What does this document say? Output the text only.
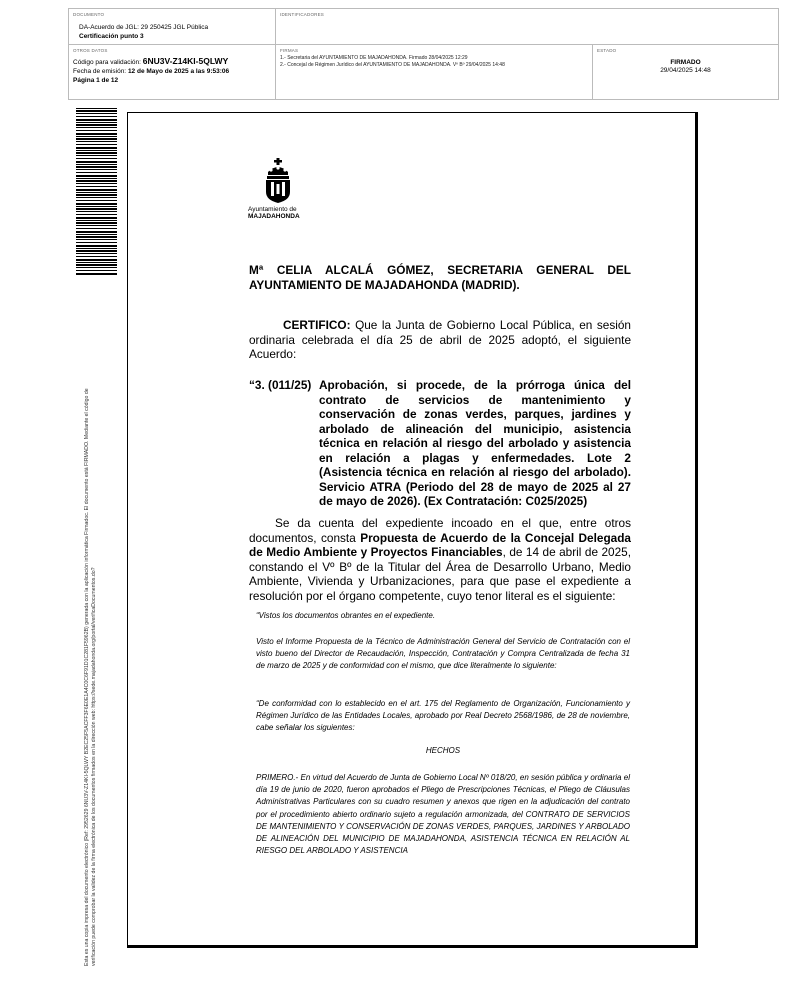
DOCUMENTO
DA-Acuerdo de JGL: 29 250425 JGL Pública
Certificación punto 3
IDENTIFICADORES
OTROS DATOS
Código para validación: 6NU3V-Z14KI-5QLWY
Fecha de emisión: 12 de Mayo de 2025 a las 9:53:06
Página 1 de 12
FIRMAS
1.- Secretaria del AYUNTAMIENTO DE MAJADAHONDA. Firmado 28/04/2025 12:29
2.- Concejal de Régimen Jurídico del AYUNTAMIENTO DE MAJADAHONDA. Vº Bº 29/04/2025 14:48
ESTADO
FIRMADO
29/04/2025 14:48
Esta es una copia impresa del documento electrónico (Ref: 2952629 6NU3V-Z14KI-5QLWY B2EC25F5ACFF3F6E0E1A4C0C6F91D1C281F5962B) generada con la aplicación informática Firmadoc. El documento está FIRMADO. Mediante el código de verificación puede comprobar la validez de la firma electrónica de los documentos firmados en la dirección web: https://sede.majadahonda.org/portal/verificaDocumentos.do?
Ayuntamiento de
MAJADAHONDA
Mª CELIA ALCALÁ GÓMEZ, SECRETARIA GENERAL DEL AYUNTAMIENTO DE MAJADAHONDA (MADRID).
CERTIFICO: Que la Junta de Gobierno Local Pública, en sesión ordinaria celebrada el día 25 de abril de 2025 adoptó, el siguiente Acuerdo:
“3. (011/25) Aprobación, si procede, de la prórroga única del contrato de servicios de mantenimiento y conservación de zonas verdes, parques, jardines y arbolado de alineación del municipio, asistencia técnica en relación al riesgo del arbolado y asistencia en relación a plagas y enfermedades. Lote 2 (Asistencia técnica en relación al riesgo del arbolado). Servicio ATRA (Periodo del 28 de mayo de 2025 al 27 de mayo de 2026). (Ex Contratación: C025/2025)
Se da cuenta del expediente incoado en el que, entre otros documentos, consta Propuesta de Acuerdo de la Concejal Delegada de Medio Ambiente y Proyectos Financiables, de 14 de abril de 2025, constando el Vº Bº de la Titular del Área de Desarrollo Urbano, Medio Ambiente, Vivienda y Urbanizaciones, para que pase el expediente a resolución por el órgano competente, cuyo tenor literal es el siguiente:
“Vistos los documentos obrantes en el expediente.
Visto el Informe Propuesta de la Técnico de Administración General del Servicio de Contratación con el visto bueno del Director de Recaudación, Inspección, Contratación y Compra Centralizada de fecha 31 de marzo de 2025 y de conformidad con el mismo, que dice literalmente lo siguiente:
“De conformidad con lo establecido en el art. 175 del Reglamento de Organización, Funcionamiento y Régimen Jurídico de las Entidades Locales, aprobado por Real Decreto 2568/1986, de 28 de noviembre, cabe señalar los siguientes:
HECHOS
PRIMERO.- En virtud del Acuerdo de Junta de Gobierno Local Nº 018/20, en sesión pública y ordinaria el día 19 de junio de 2020, fueron aprobados el Pliego de Prescripciones Técnicas, el Pliego de Cláusulas Administrativas Particulares con su cuadro resumen y anexos que rigen en la adjudicación del contrato por el procedimiento abierto ordinario sujeto a regulación armonizada, del CONTRATO DE SERVICIOS DE MANTENIMIENTO Y CONSERVACIÓN DE ZONAS VERDES, PARQUES, JARDINES Y ARBOLADO DE ALINEACIÓN DEL MUNICIPIO DE MAJADAHONDA, ASISTENCIA TÉCNICA EN RELACIÓN AL RIESGO DEL ARBOLADO Y ASISTENCIA
